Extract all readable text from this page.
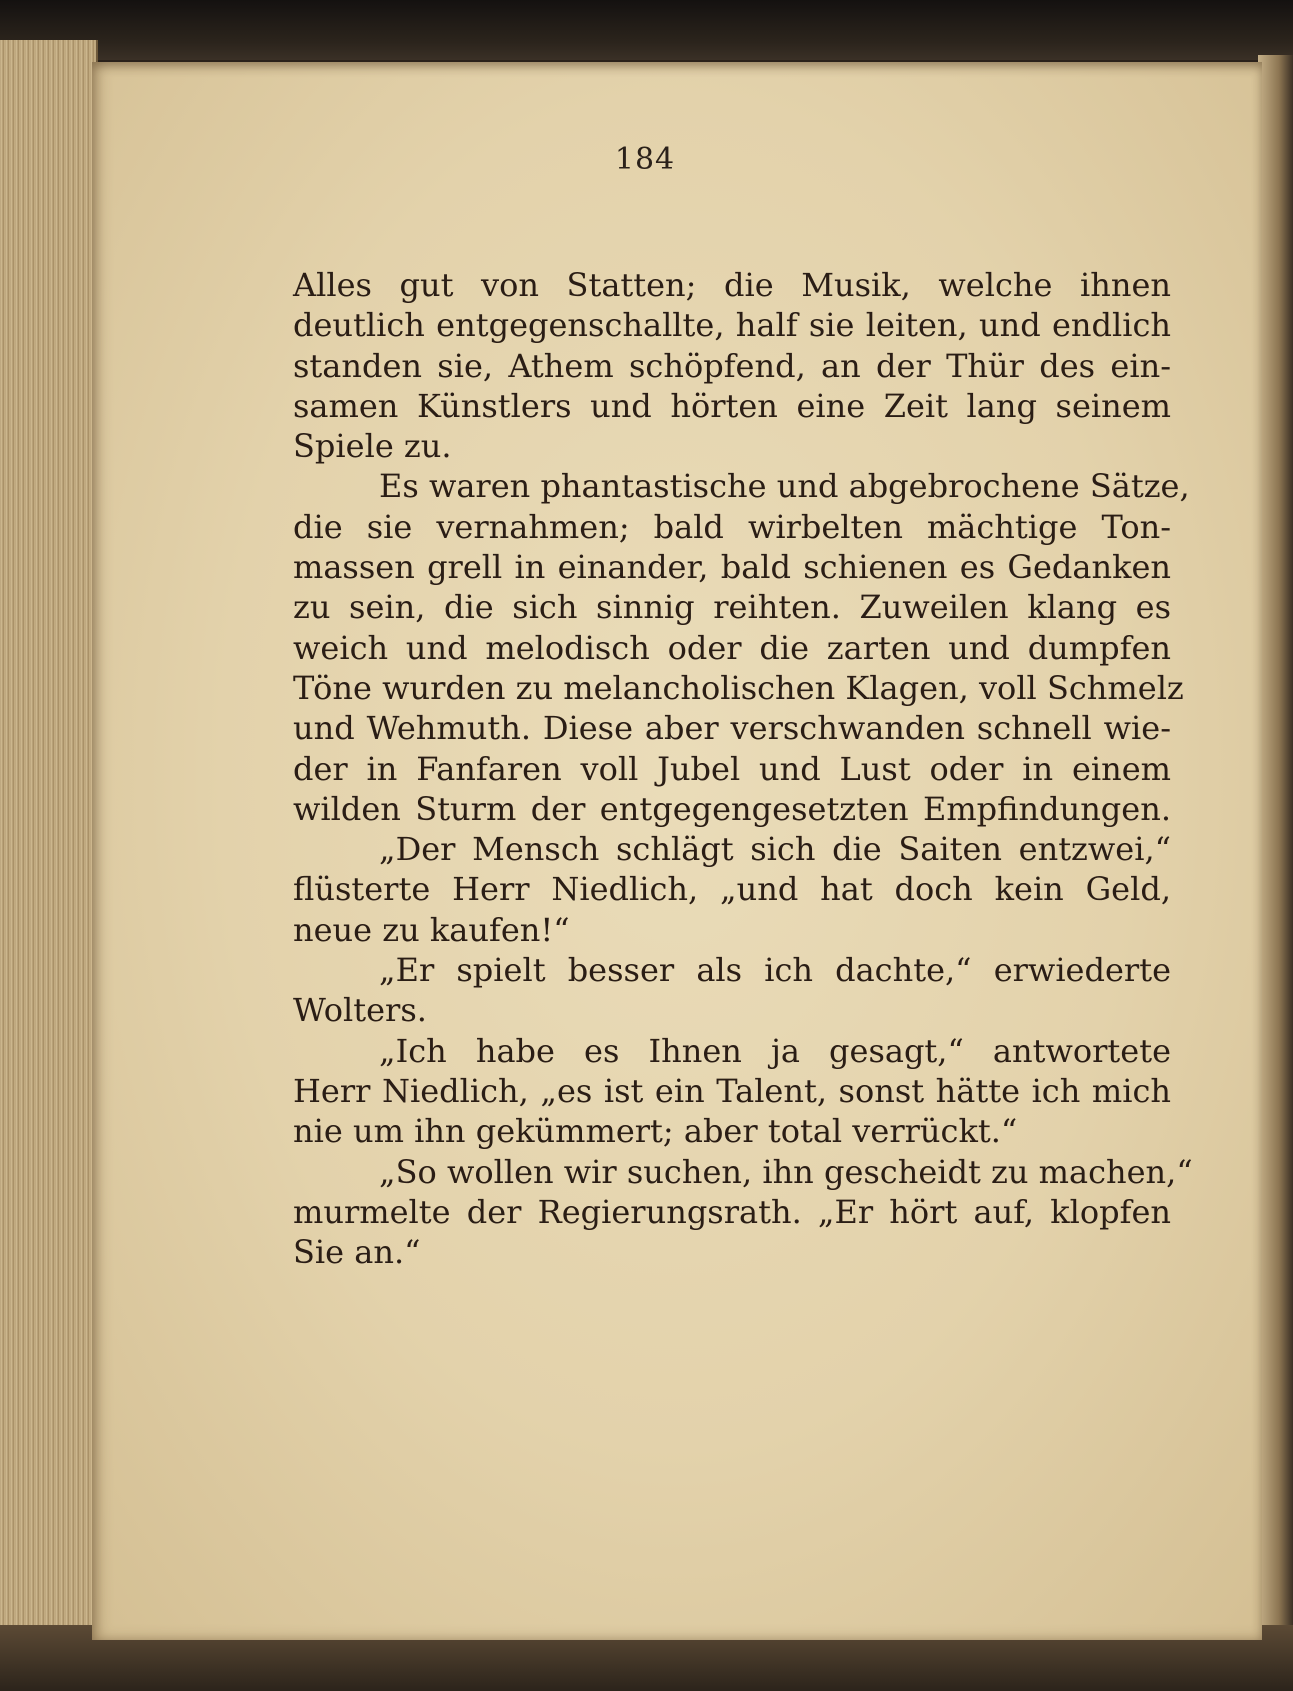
184
Alles gut von Statten; die Musik, welche ihnen
deutlich entgegenschallte, half sie leiten, und endlich
standen sie, Athem schöpfend, an der Thür des ein-
samen Künstlers und hörten eine Zeit lang seinem
Spiele zu.
Es waren phantastische und abgebrochene Sätze,
die sie vernahmen; bald wirbelten mächtige Ton-
massen grell in einander, bald schienen es Gedanken
zu sein, die sich sinnig reihten. Zuweilen klang es
weich und melodisch oder die zarten und dumpfen
Töne wurden zu melancholischen Klagen, voll Schmelz
und Wehmuth. Diese aber verschwanden schnell wie-
der in Fanfaren voll Jubel und Lust oder in einem
wilden Sturm der entgegengesetzten Empfindungen.
„Der Mensch schlägt sich die Saiten entzwei,“
flüsterte Herr Niedlich, „und hat doch kein Geld,
neue zu kaufen!“
„Er spielt besser als ich dachte,“ erwiederte
Wolters.
„Ich habe es Ihnen ja gesagt,“ antwortete
Herr Niedlich, „es ist ein Talent, sonst hätte ich mich
nie um ihn gekümmert; aber total verrückt.“
„So wollen wir suchen, ihn gescheidt zu machen,“
murmelte der Regierungsrath. „Er hört auf, klopfen
Sie an.“
